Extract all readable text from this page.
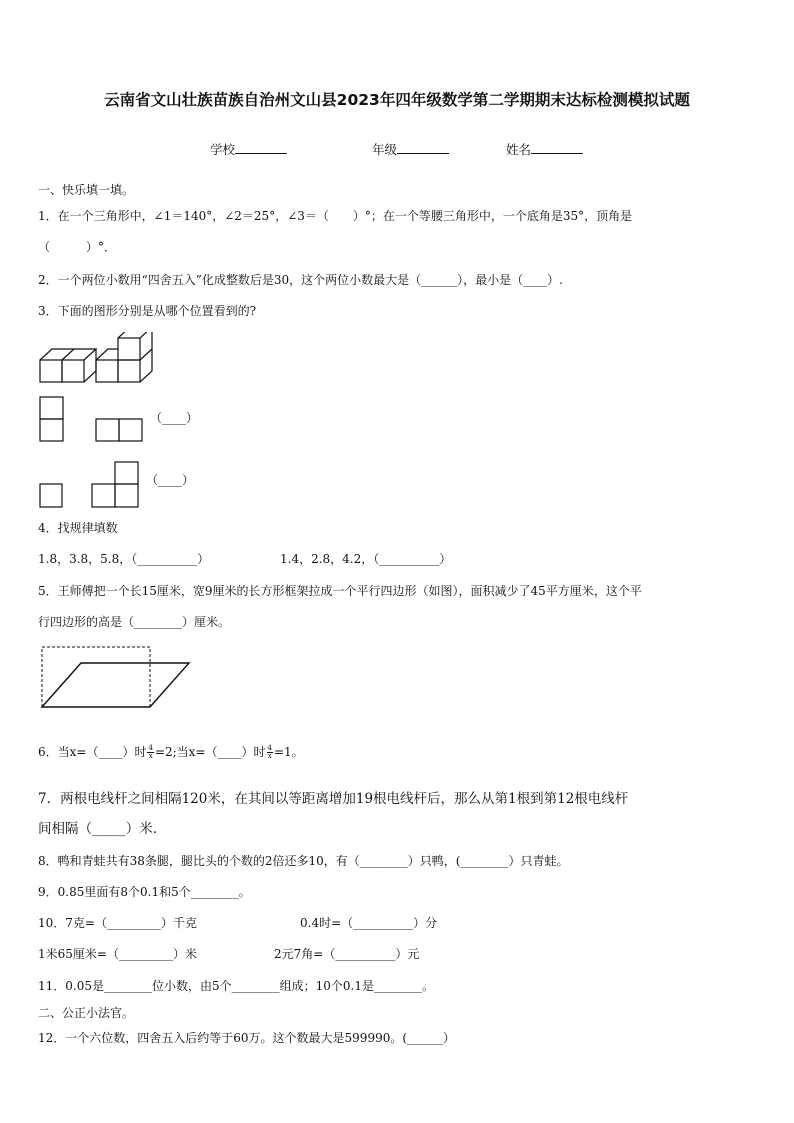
云南省文山壮族苗族自治州文山县2023年四年级数学第二学期期末达标检测模拟试题
学校	年级	姓名
一、快乐填一填。
1．在一个三角形中，∠1＝140°，∠2＝25°，∠3＝（　　）°；在一个等腰三角形中，一个底角是35°，顶角是
（　　　）°．
2．一个两位小数用“四舍五入”化成整数后是30，这个两位小数最大是（______），最小是（____）.
3．下面的图形分别是从哪个位置看到的?
（____）
（____）
4．找规律填数
1.8，3.8，5.8，（__________）	1.4，2.8，4.2，（__________）
5．王师傅把一个长15厘米，宽9厘米的长方形框架拉成一个平行四边形（如图），面积减少了45平方厘米，这个平
行四边形的高是（________）厘米。
6．当x=（____）时 $\frac{4}{x} =2$;当x=（____）时 $\frac{4}{x} =1$。
7．两根电线杆之间相隔120米，在其间以等距离增加19根电线杆后，那么从第1根到第12根电线杆
间相隔（_____）米．
8．鸭和青蛙共有38条腿，腿比头的个数的2倍还多10，有（________）只鸭，(________）只青蛙。
9．0.85里面有8个0.1和5个________。
10．7克=（_________）千克	0.4时=（__________）分
1米65厘米=（_________）米	2元7角=（__________）元
11．0.05是________位小数，由5个________组成；10个0.1是________。
二、公正小法官。
12．一个六位数，四舍五入后约等于60万。这个数最大是599990。(______）
